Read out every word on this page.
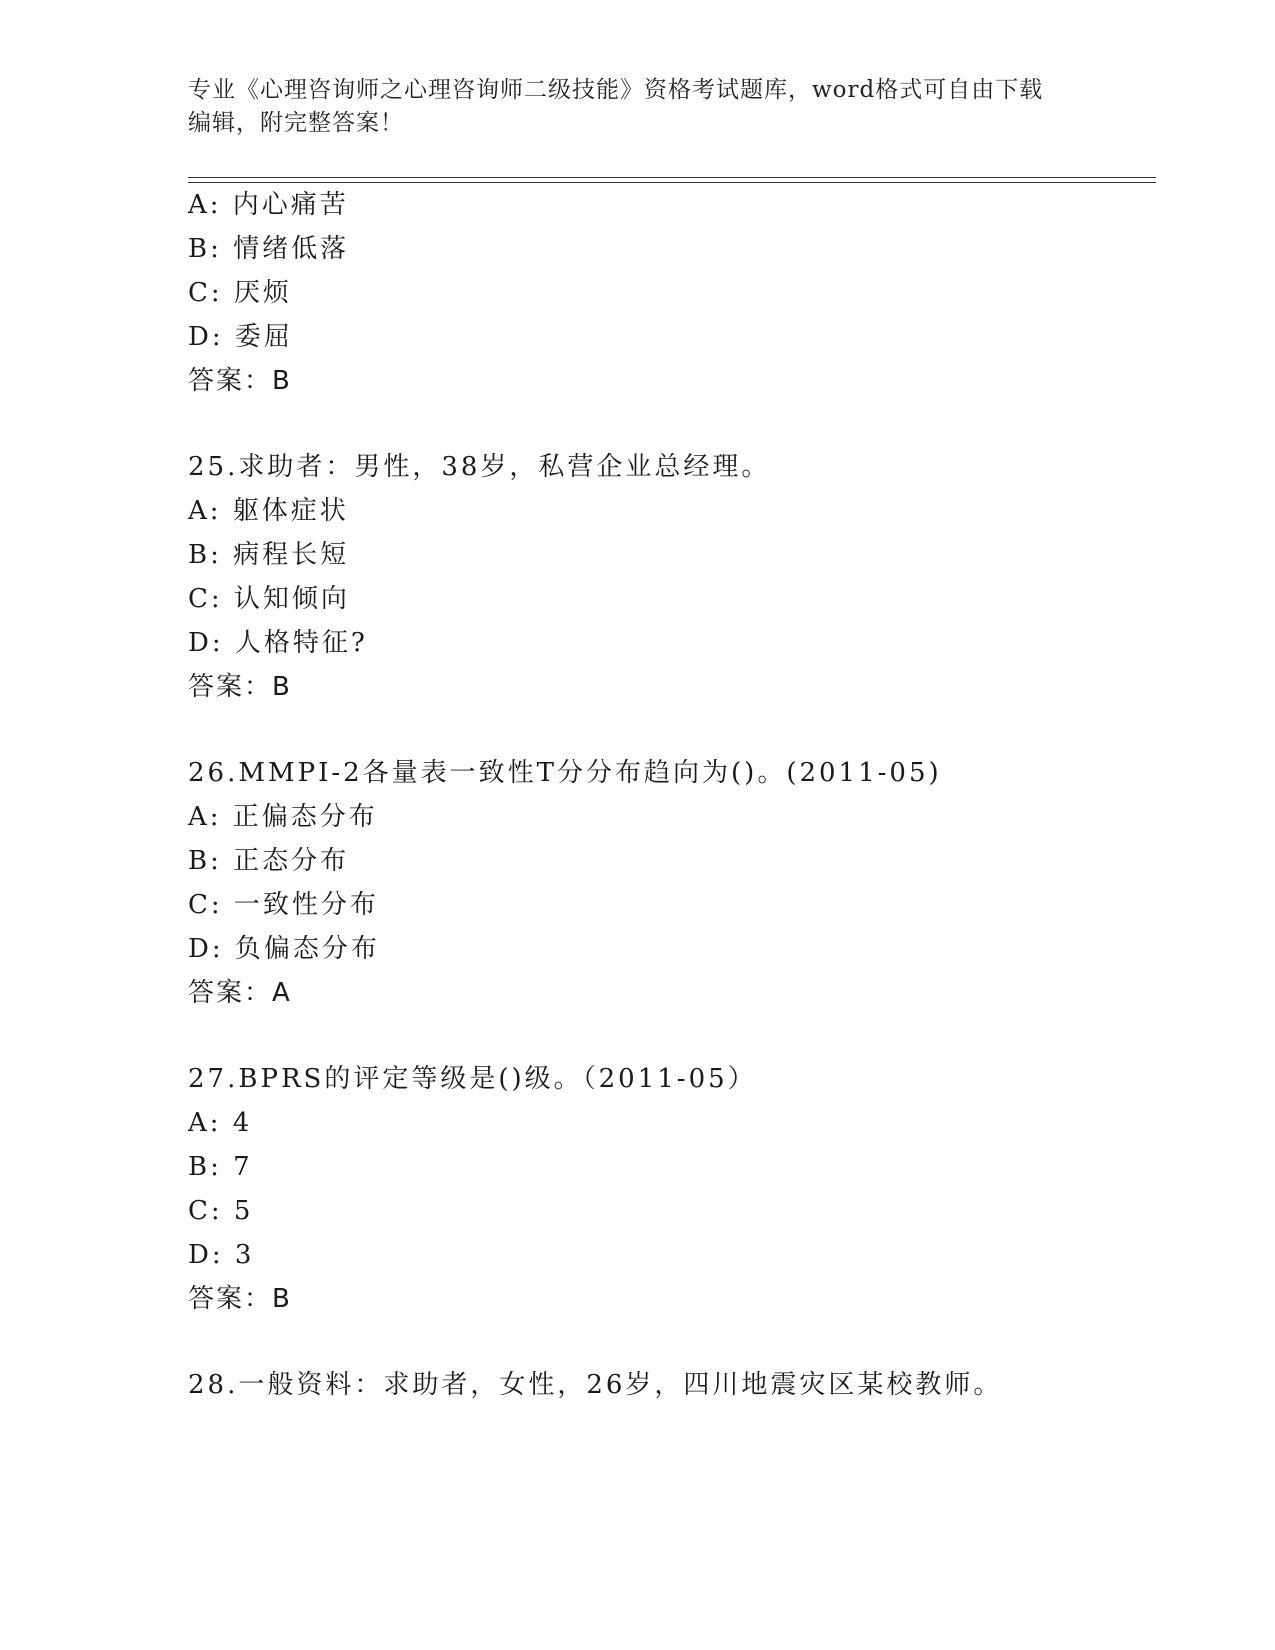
专业《心理咨询师之心理咨询师二级技能》资格考试题库，word格式可自由下载
编辑，附完整答案！
A: 内心痛苦
B: 情绪低落
C: 厌烦
D: 委屈
答案：B
25.求助者：男性，38岁，私营企业总经理。
A: 躯体症状
B: 病程长短
C: 认知倾向
D: 人格特征?
答案：B
26.MMPI-2各量表一致性T分分布趋向为()。(2011-05)
A: 正偏态分布
B: 正态分布
C: 一致性分布
D: 负偏态分布
答案：A
27.BPRS的评定等级是()级。（2011-05）
A: 4
B: 7
C: 5
D: 3
答案：B
28.一般资料：求助者，女性，26岁，四川地震灾区某校教师。
